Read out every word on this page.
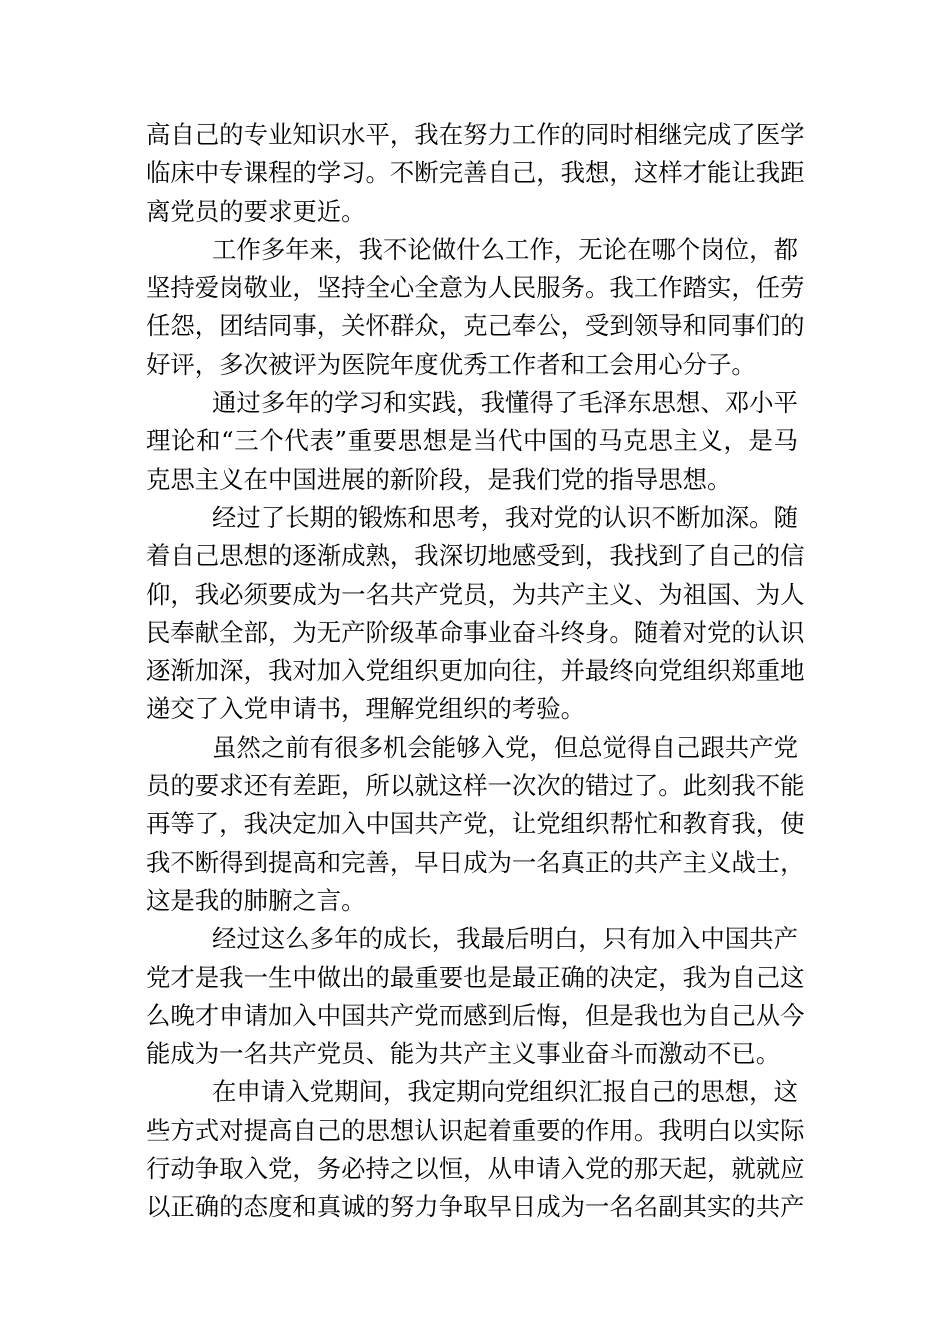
高自己的专业知识水平，我在努力工作的同时相继完成了医学
临床中专课程的学习。不断完善自己，我想，这样才能让我距
离党员的要求更近。
工作多年来，我不论做什么工作，无论在哪个岗位，都
坚持爱岗敬业，坚持全心全意为人民服务。我工作踏实，任劳
任怨，团结同事，关怀群众，克己奉公，受到领导和同事们的
好评，多次被评为医院年度优秀工作者和工会用心分子。
通过多年的学习和实践，我懂得了毛泽东思想、邓小平
理论和“三个代表”重要思想是当代中国的马克思主义，是马
克思主义在中国进展的新阶段，是我们党的指导思想。
经过了长期的锻炼和思考，我对党的认识不断加深。随
着自己思想的逐渐成熟，我深切地感受到，我找到了自己的信
仰，我必须要成为一名共产党员，为共产主义、为祖国、为人
民奉献全部，为无产阶级革命事业奋斗终身。随着对党的认识
逐渐加深，我对加入党组织更加向往，并最终向党组织郑重地
递交了入党申请书，理解党组织的考验。
虽然之前有很多机会能够入党，但总觉得自己跟共产党
员的要求还有差距，所以就这样一次次的错过了。此刻我不能
再等了，我决定加入中国共产党，让党组织帮忙和教育我，使
我不断得到提高和完善，早日成为一名真正的共产主义战士，
这是我的肺腑之言。
经过这么多年的成长，我最后明白，只有加入中国共产
党才是我一生中做出的最重要也是最正确的决定，我为自己这
么晚才申请加入中国共产党而感到后悔，但是我也为自己从今
能成为一名共产党员、能为共产主义事业奋斗而激动不已。
在申请入党期间，我定期向党组织汇报自己的思想，这
些方式对提高自己的思想认识起着重要的作用。我明白以实际
行动争取入党，务必持之以恒，从申请入党的那天起，就就应
以正确的态度和真诚的努力争取早日成为一名名副其实的共产
